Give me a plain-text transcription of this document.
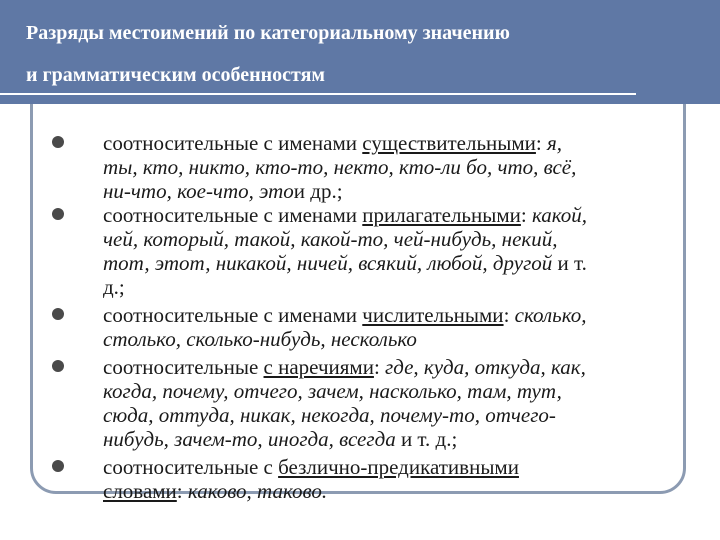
Разряды местоимений по категориальному значению
и грамматическим особенностям
соотносительные с именами существительными: я,
ты, кто, никто, кто-то, некто, кто-ли бо, что, всё,
ни-что, кое-что, этои др.;
соотносительные с именами прилагательными: какой,
чей, который, такой, какой-то, чей-нибудь, некий,
тот, этот, никакой, ничей, всякий, любой, другой и т.
д.;
соотносительные с именами числительными: сколько,
столько, сколько-нибудь, несколько
соотносительные с наречиями: где, куда, откуда, как,
когда, почему, отчего, зачем, насколько, там, тут,
сюда, оттуда, никак, некогда, почему-то, отчего-
нибудь, зачем-то, иногда, всегда и т. д.;
соотносительные с безлично-предикативными
словами: каково, таково.
